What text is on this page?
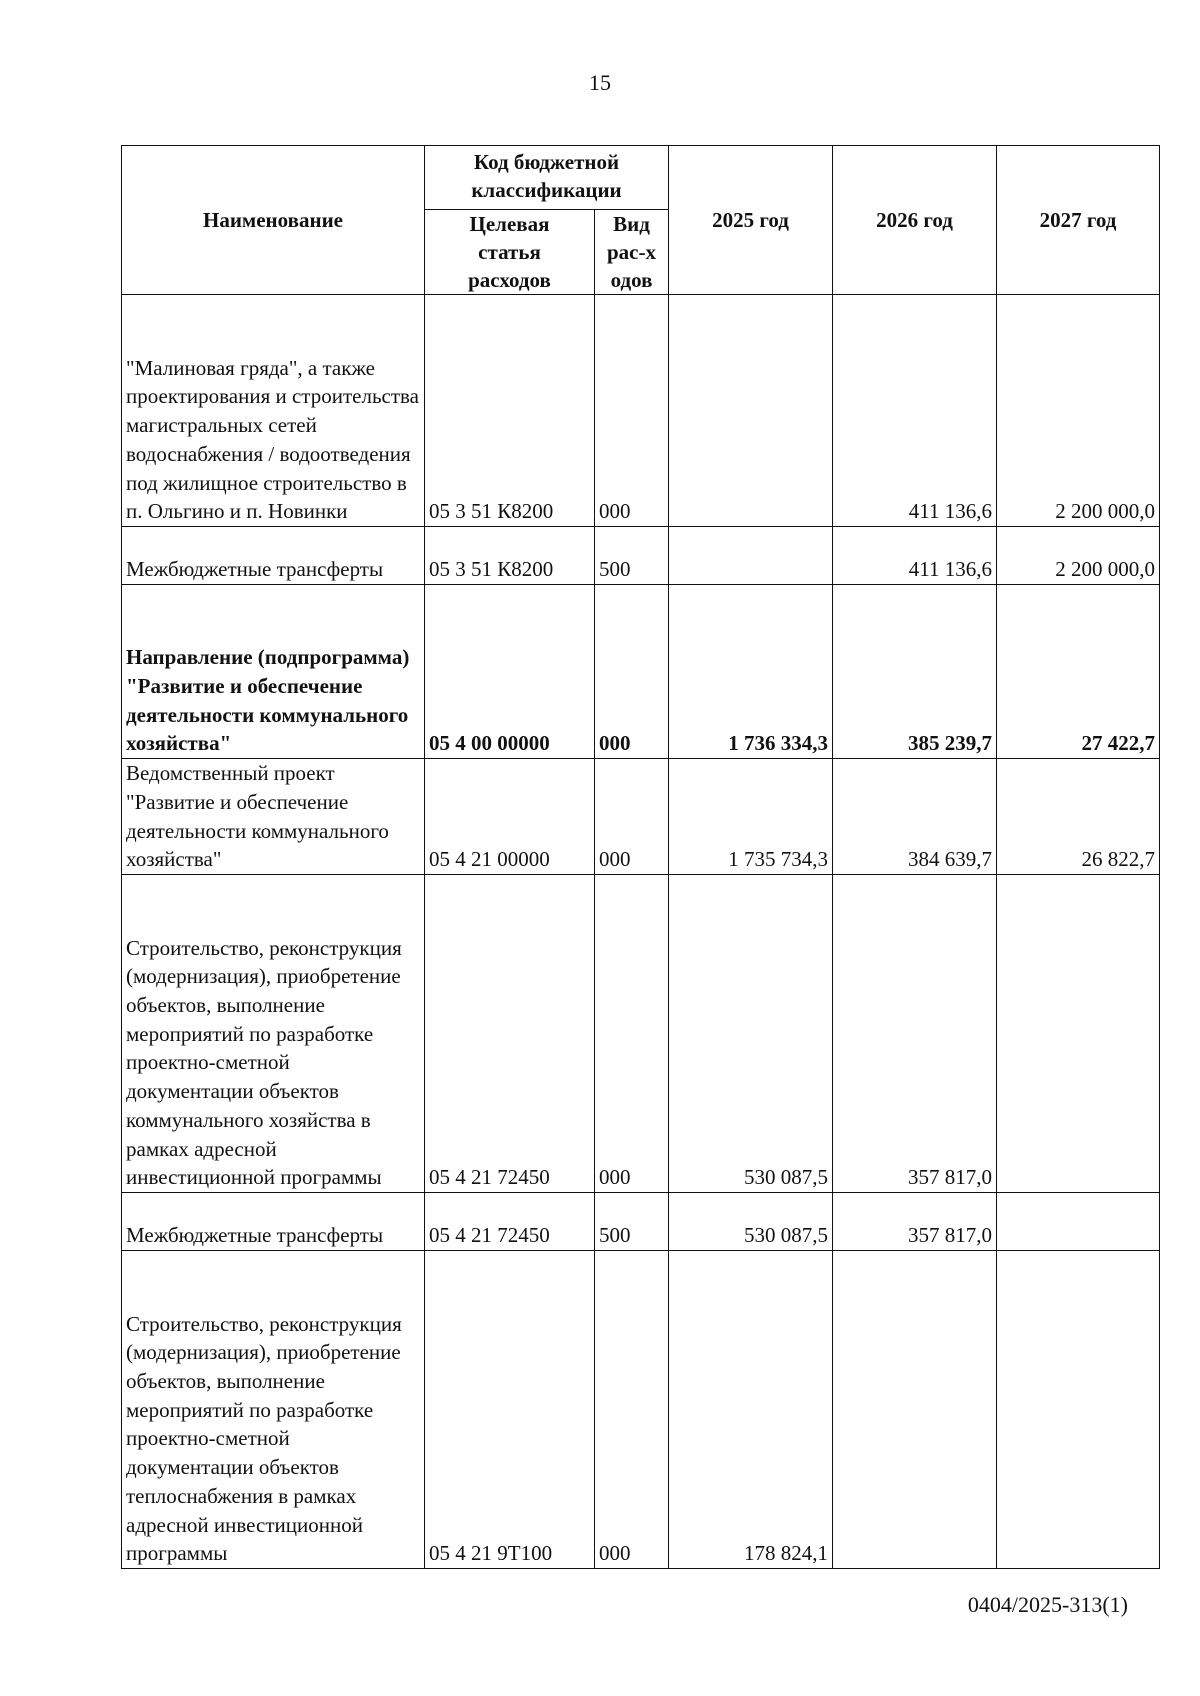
15
Наименование	Код бюджетной классификации		2025 год	2026 год	2027 год
	Целевая статья расходов	Вид рас-ходов			
"Малиновая гряда", а также проектирования и строительства магистральных сетей водоснабжения / водоотведения под жилищное строительство в п. Ольгино и п. Новинки	05 3 51 К8200	000		411 136,6	2 200 000,0
Межбюджетные трансферты	05 3 51 К8200	500		411 136,6	2 200 000,0
Направление (подпрограмма) "Развитие и обеспечение деятельности коммунального хозяйства"	05 4 00 00000	000	1 736 334,3	385 239,7	27 422,7
Ведомственный проект "Развитие и обеспечение деятельности коммунального хозяйства"	05 4 21 00000	000	1 735 734,3	384 639,7	26 822,7
Строительство, реконструкция (модернизация), приобретение объектов, выполнение мероприятий по разработке проектно-сметной документации объектов коммунального хозяйства в рамках адресной инвестиционной программы	05 4 21 72450	000	530 087,5	357 817,0	
Межбюджетные трансферты	05 4 21 72450	500	530 087,5	357 817,0	
Строительство, реконструкция (модернизация), приобретение объектов, выполнение мероприятий по разработке проектно-сметной документации объектов теплоснабжения в рамках адресной инвестиционной программы	05 4 21 9Т100	000	178 824,1		
0404/2025-313(1)
